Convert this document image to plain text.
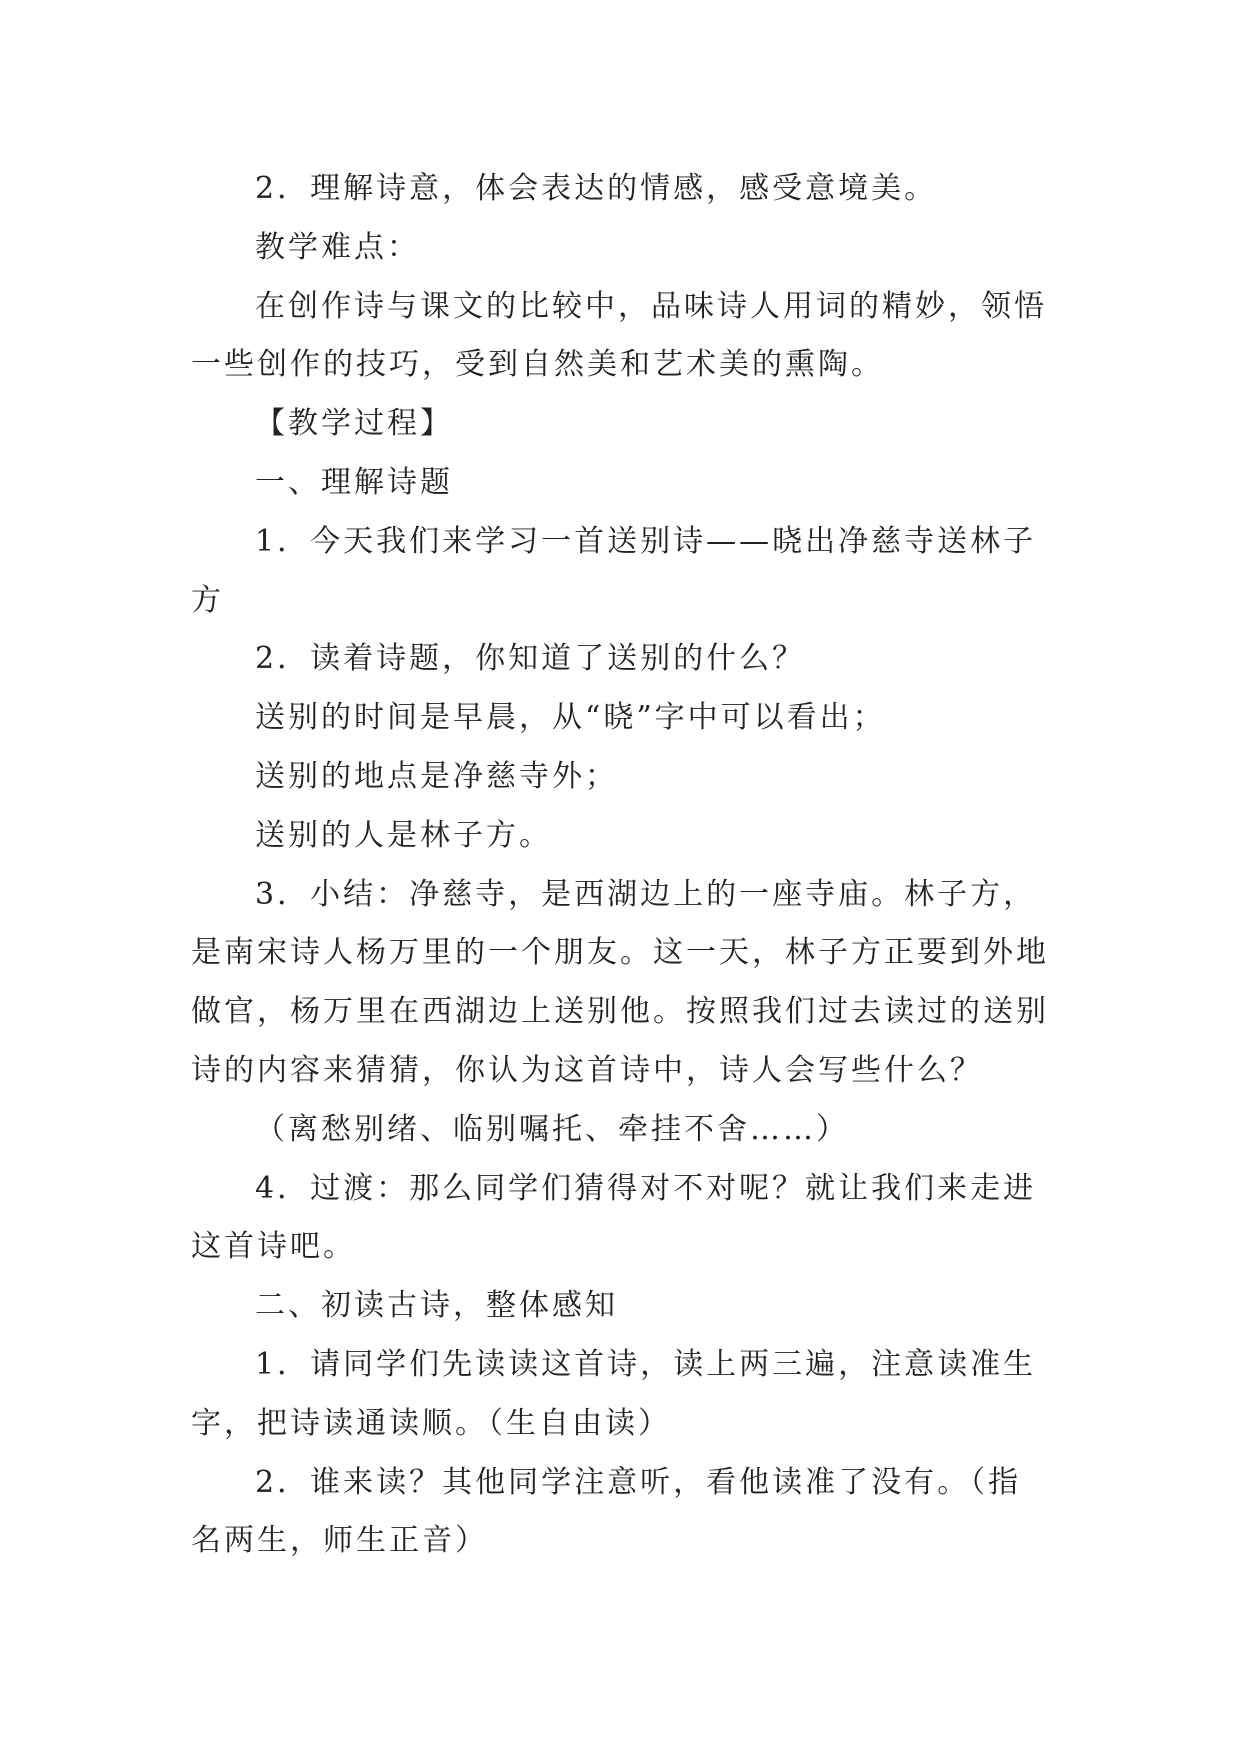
2．理解诗意，体会表达的情感，感受意境美。

教学难点：

在创作诗与课文的比较中，品味诗人用词的精妙，领悟一些创作的技巧，受到自然美和艺术美的熏陶。

【教学过程】

一、理解诗题

1．今天我们来学习一首送别诗——晓出净慈寺送林子方

2．读着诗题，你知道了送别的什么？

送别的时间是早晨，从“晓”字中可以看出；

送别的地点是净慈寺外；

送别的人是林子方。

3．小结：净慈寺，是西湖边上的一座寺庙。林子方，是南宋诗人杨万里的一个朋友。这一天，林子方正要到外地做官，杨万里在西湖边上送别他。按照我们过去读过的送别诗的内容来猜猜，你认为这首诗中，诗人会写些什么？

（离愁别绪、临别嘱托、牵挂不舍……）

4．过渡：那么同学们猜得对不对呢？就让我们来走进这首诗吧。

二、初读古诗，整体感知

1．请同学们先读读这首诗，读上两三遍，注意读准生字，把诗读通读顺。（生自由读）

2．谁来读？其他同学注意听，看他读准了没有。（指名两生，师生正音）
